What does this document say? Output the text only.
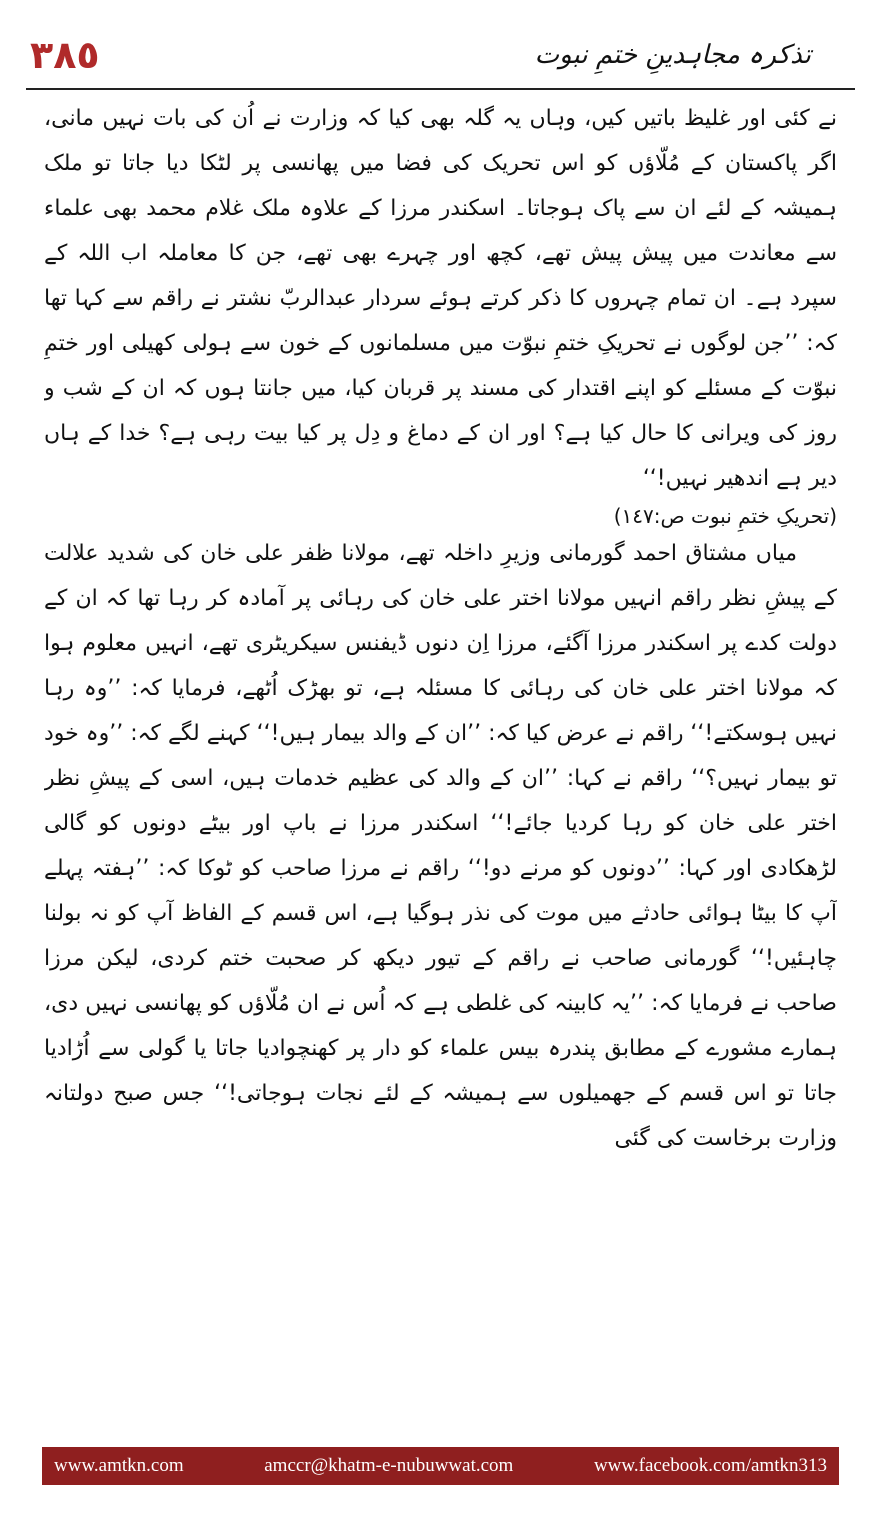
٣٨٥	تذکرہ مجاہدینِ ختمِ نبوت

نے کئی اور غلیظ باتیں کیں، وہاں یہ گلہ بھی کیا کہ وزارت نے اُن کی بات نہیں مانی، اگر پاکستان کے مُلّاؤں کو اس تحریک کی فضا میں پھانسی پر لٹکا دیا جاتا تو ملک ہمیشہ کے لئے ان سے پاک ہوجاتا۔ اسکندر مرزا کے علاوہ ملک غلام محمد بھی علماء سے معاندت میں پیش پیش تھے، کچھ اور چہرے بھی تھے، جن کا معاملہ اب اللہ کے سپرد ہے۔ ان تمام چہروں کا ذکر کرتے ہوئے سردار عبدالربّ نشتر نے راقم سے کہا تھا کہ: ’’جن لوگوں نے تحریکِ ختمِ نبوّت میں مسلمانوں کے خون سے ہولی کھیلی اور ختمِ نبوّت کے مسئلے کو اپنے اقتدار کی مسند پر قربان کیا، میں جانتا ہوں کہ ان کے شب و روز کی ویرانی کا حال کیا ہے؟ اور ان کے دماغ و دِل پر کیا بیت رہی ہے؟ خدا کے ہاں دیر ہے اندھیر نہیں!‘‘

(تحریکِ ختمِ نبوت ص:١٤٧)

میاں مشتاق احمد گورمانی وزیرِ داخلہ تھے، مولانا ظفر علی خان کی شدید علالت کے پیشِ نظر راقم انہیں مولانا اختر علی خان کی رہائی پر آمادہ کر رہا تھا کہ ان کے دولت کدے پر اسکندر مرزا آگئے، مرزا اِن دنوں ڈیفنس سیکریٹری تھے، انہیں معلوم ہوا کہ مولانا اختر علی خان کی رہائی کا مسئلہ ہے، تو بھڑک اُٹھے، فرمایا کہ: ’’وہ رہا نہیں ہوسکتے!‘‘ راقم نے عرض کیا کہ: ’’ان کے والد بیمار ہیں!‘‘ کہنے لگے کہ: ’’وہ خود تو بیمار نہیں؟‘‘ راقم نے کہا: ’’ان کے والد کی عظیم خدمات ہیں، اسی کے پیشِ نظر اختر علی خان کو رہا کردیا جائے!‘‘ اسکندر مرزا نے باپ اور بیٹے دونوں کو گالی لڑھکادی اور کہا: ’’دونوں کو مرنے دو!‘‘ راقم نے مرزا صاحب کو ٹوکا کہ: ’’ہفتہ پہلے آپ کا بیٹا ہوائی حادثے میں موت کی نذر ہوگیا ہے، اس قسم کے الفاظ آپ کو نہ بولنا چاہئیں!‘‘ گورمانی صاحب نے راقم کے تیور دیکھ کر صحبت ختم کردی، لیکن مرزا صاحب نے فرمایا کہ: ’’یہ کابینہ کی غلطی ہے کہ اُس نے ان مُلّاؤں کو پھانسی نہیں دی، ہمارے مشورے کے مطابق پندرہ بیس علماء کو دار پر کھنچوادیا جاتا یا گولی سے اُڑادیا جاتا تو اس قسم کے جھمیلوں سے ہمیشہ کے لئے نجات ہوجاتی!‘‘ جس صبح دولتانہ وزارت برخاست کی گئی

www.amtkn.com	amccr@khatm-e-nubuwwat.com	www.facebook.com/amtkn313
